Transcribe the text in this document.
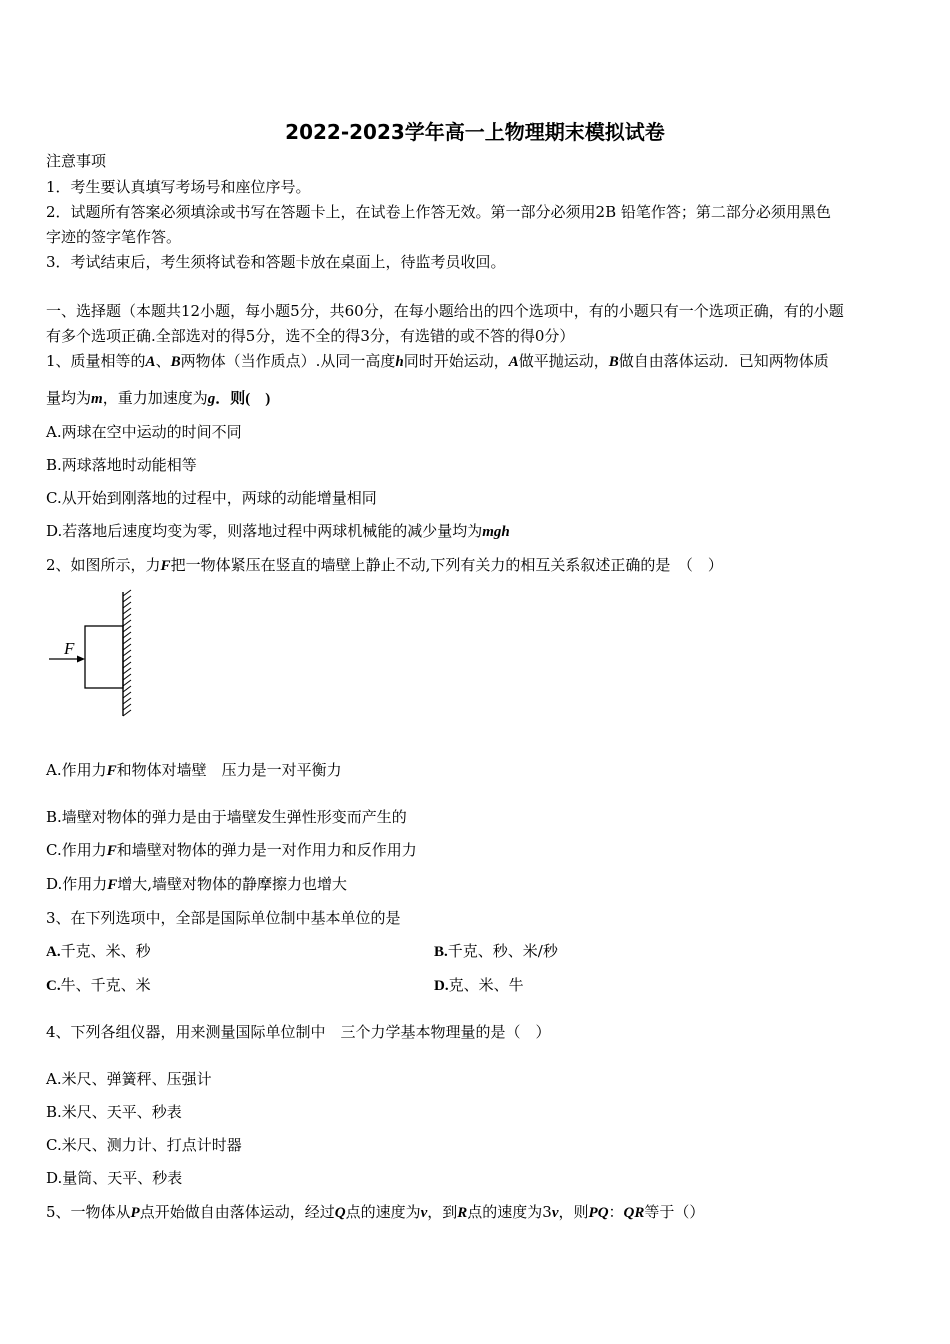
2022-2023学年高一上物理期末模拟试卷
注意事项
1．考生要认真填写考场号和座位序号。
2．试题所有答案必须填涂或书写在答题卡上，在试卷上作答无效。第一部分必须用2B 铅笔作答；第二部分必须用黑色
字迹的签字笔作答。
3．考试结束后，考生须将试卷和答题卡放在桌面上，待监考员收回。
一、选择题（本题共12小题，每小题5分，共60分，在每小题给出的四个选项中，有的小题只有一个选项正确，有的小题
有多个选项正确.全部选对的得5分，选不全的得3分，有选错的或不答的得0分）
1、质量相等的A、B两物体（当作质点）.从同一高度h同时开始运动，A做平抛运动，B做自由落体运动．已知两物体质
量均为m，重力加速度为g．则(　)
A.两球在空中运动的时间不同
B.两球落地时动能相等
C.从开始到刚落地的过程中，两球的动能增量相同
D.若落地后速度均变为零，则落地过程中两球机械能的减少量均为mgh
2、如图所示，力F把一物体紧压在竖直的墙壁上静止不动,下列有关力的相互关系叙述正确的是　（　）
F
A.作用力F和物体对墙壁　压力是一对平衡力
B.墙壁对物体的弹力是由于墙壁发生弹性形变而产生的
C.作用力F和墙壁对物体的弹力是一对作用力和反作用力
D.作用力F增大,墙壁对物体的静摩擦力也增大
3、在下列选项中，全部是国际单位制中基本单位的是
A.千克、米、秒	B.千克、秒、米/秒
C.牛、千克、米	D.克、米、牛
4、下列各组仪器，用来测量国际单位制中　三个力学基本物理量的是（　）
A.米尺、弹簧秤、压强计
B.米尺、天平、秒表
C.米尺、测力计、打点计时器
D.量筒、天平、秒表
5、一物体从P点开始做自由落体运动，经过Q点的速度为v，到R点的速度为3v，则PQ：QR等于（）
